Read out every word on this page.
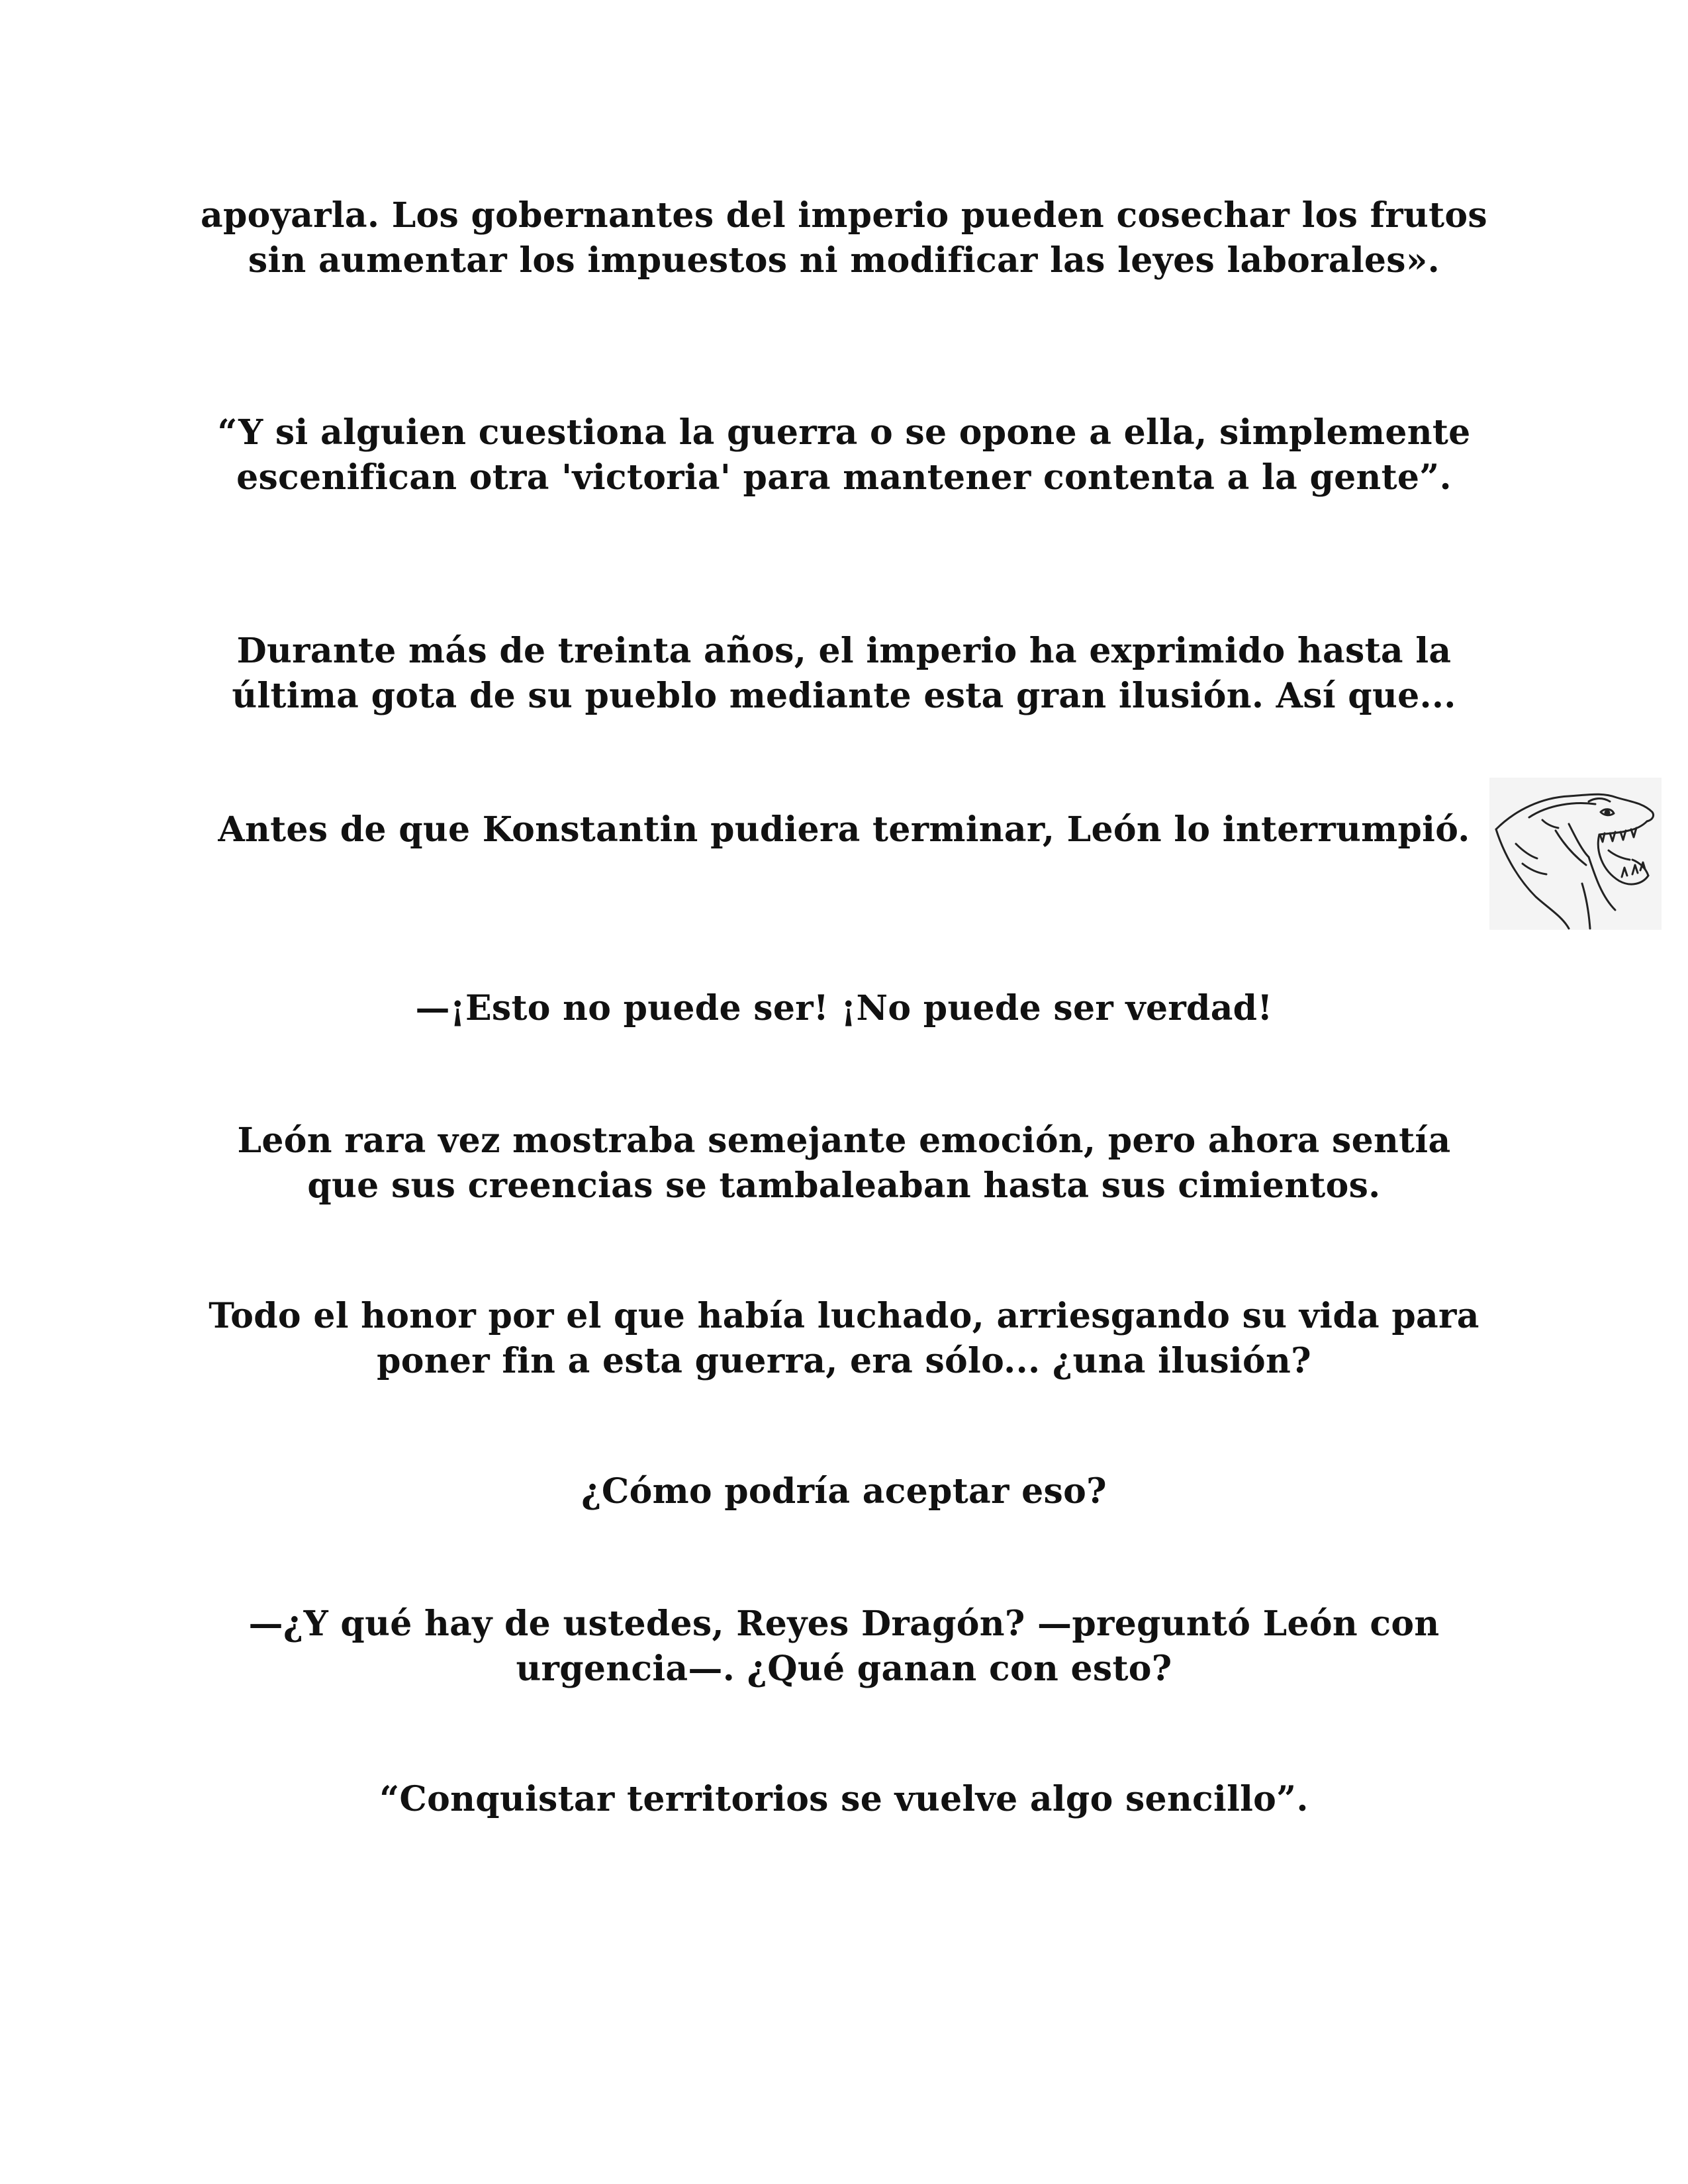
apoyarla. Los gobernantes del imperio pueden cosechar los frutos sin aumentar los impuestos ni modificar las leyes laborales».

“Y si alguien cuestiona la guerra o se opone a ella, simplemente escenifican otra 'victoria' para mantener contenta a la gente”.

Durante más de treinta años, el imperio ha exprimido hasta la última gota de su pueblo mediante esta gran ilusión. Así que...

Antes de que Konstantin pudiera terminar, León lo interrumpió.

—¡Esto no puede ser! ¡No puede ser verdad!

León rara vez mostraba semejante emoción, pero ahora sentía que sus creencias se tambaleaban hasta sus cimientos.

Todo el honor por el que había luchado, arriesgando su vida para poner fin a esta guerra, era sólo... ¿una ilusión?

¿Cómo podría aceptar eso?

—¿Y qué hay de ustedes, Reyes Dragón? —preguntó León con urgencia—. ¿Qué ganan con esto?

“Conquistar territorios se vuelve algo sencillo”.
